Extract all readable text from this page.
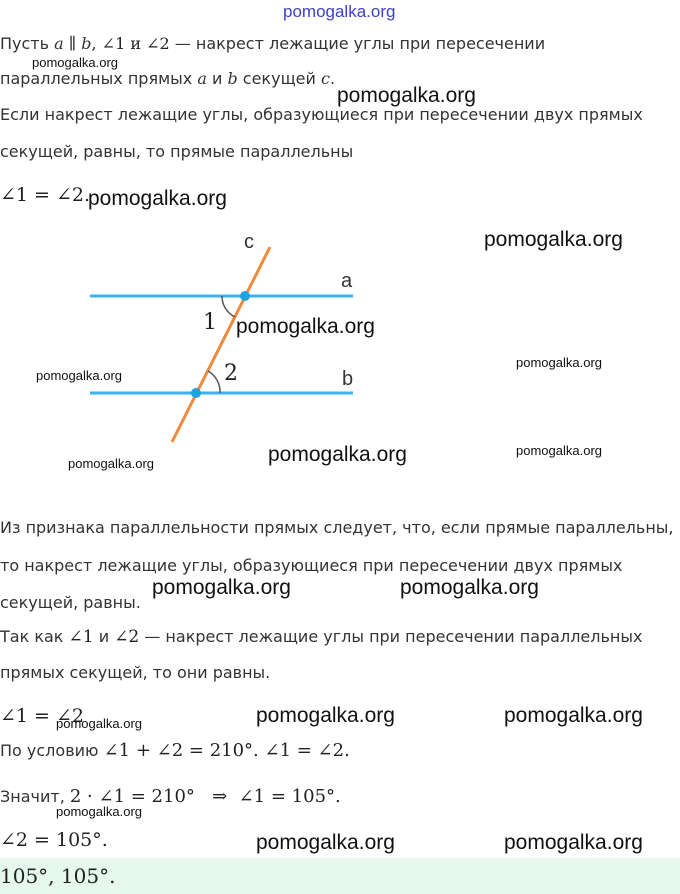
pomogalka.org
Пусть a ∥ b, ∠1 и ∠2 — накрест лежащие углы при пересечении
pomogalka.org
параллельных прямых a и b секущей c.
pomogalka.org
Если накрест лежащие углы, образующиеся при пересечении двух прямых
секущей, равны, то прямые параллельны
∠1 = ∠2.
pomogalka.org
c
a
b
1
2
pomogalka.org
pomogalka.org
pomogalka.org
pomogalka.org
pomogalka.org
pomogalka.org
pomogalka.org
Из признака параллельности прямых следует, что, если прямые параллельны,
то накрест лежащие углы, образующиеся при пересечении двух прямых
pomogalka.org	pomogalka.org
секущей, равны.
Так как ∠1 и ∠2 — накрест лежащие углы при пересечении параллельных
прямых секущей, то они равны.
∠1 = ∠2
pomogalka.org	pomogalka.org	pomogalka.org
По условию ∠1 + ∠2 = 210°. ∠1 = ∠2.
Значит, 2 · ∠1 = 210°   ⇒  ∠1 = 105°.
pomogalka.org
∠2 = 105°.	pomogalka.org	pomogalka.org
105°, 105°.
